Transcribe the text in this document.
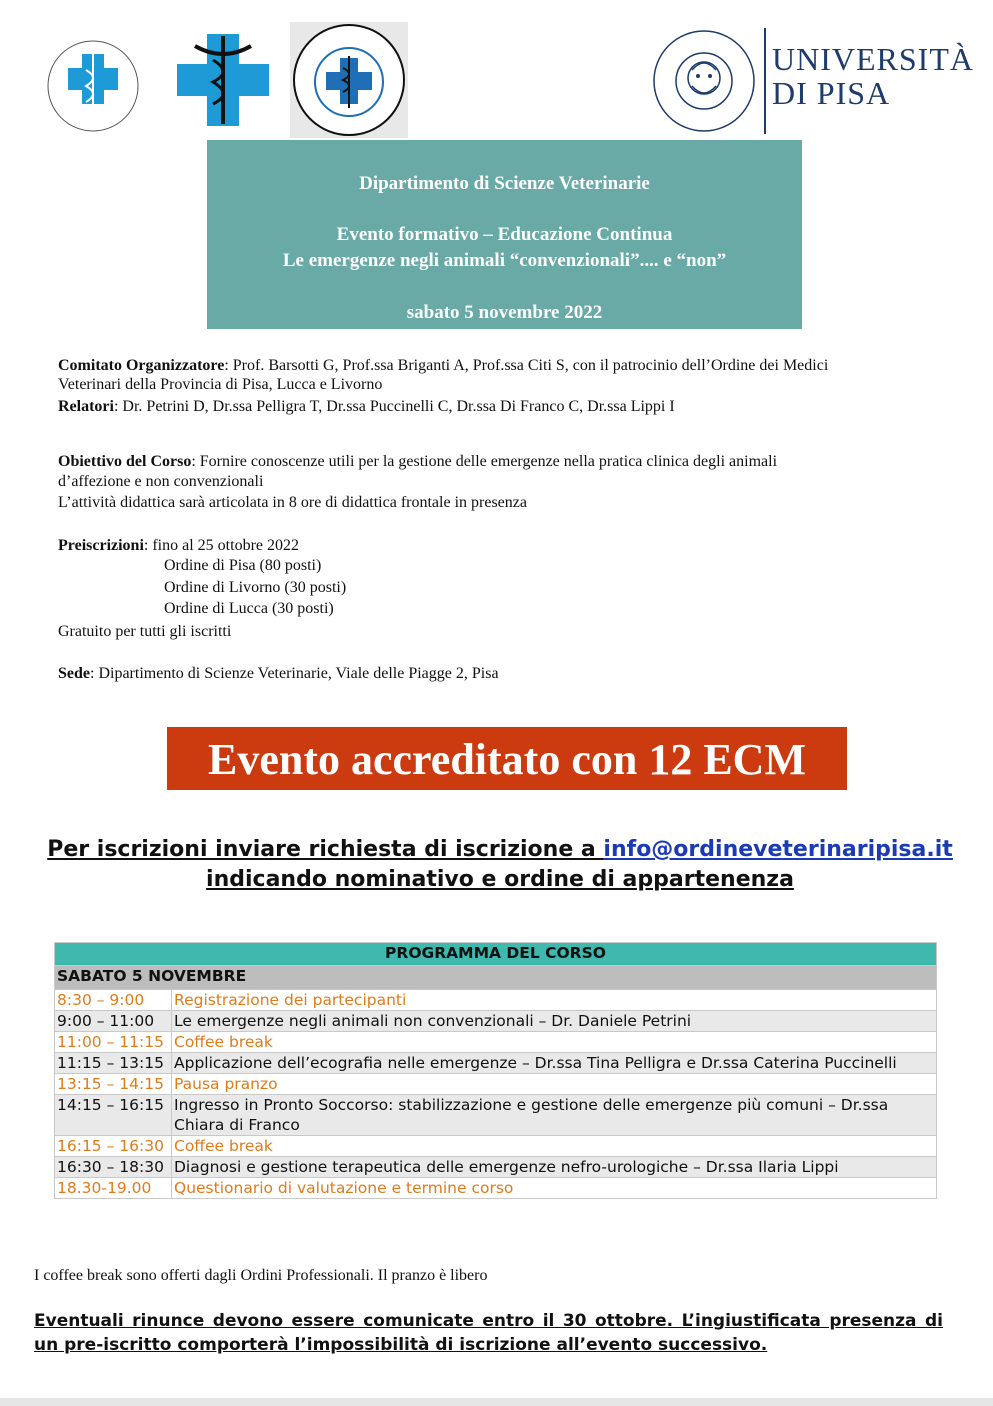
UNIVERSITÀ
DI PISA
Dipartimento di Scienze Veterinarie
Evento formativo – Educazione Continua
Le emergenze negli animali “convenzionali”.... e “non”
sabato 5 novembre 2022
Comitato Organizzatore: Prof. Barsotti G, Prof.ssa Briganti A, Prof.ssa Citi S, con il patrocinio dell’Ordine dei Medici
Veterinari della Provincia di Pisa, Lucca e Livorno
Relatori: Dr. Petrini D, Dr.ssa Pelligra T, Dr.ssa Puccinelli C, Dr.ssa Di Franco C, Dr.ssa Lippi I
Obiettivo del Corso: Fornire conoscenze utili per la gestione delle emergenze nella pratica clinica degli animali
d’affezione e non convenzionali
L’attività didattica sarà articolata in 8 ore di didattica frontale in presenza
Preiscrizioni: fino al 25 ottobre 2022
Ordine di Pisa (80 posti)
Ordine di Livorno (30 posti)
Ordine di Lucca (30 posti)
Gratuito per tutti gli iscritti
Sede: Dipartimento di Scienze Veterinarie, Viale delle Piagge 2, Pisa
Evento accreditato con 12 ECM
Per iscrizioni inviare richiesta di iscrizione a info@ordineveterinaripisa.it
indicando nominativo e ordine di appartenenza
PROGRAMMA DEL CORSO	
SABATO 5 NOVEMBRE	
8:30 – 9:00	Registrazione dei partecipanti
9:00 – 11:00	Le emergenze negli animali non convenzionali – Dr. Daniele Petrini
11:00 – 11:15	Coffee break
11:15 – 13:15	Applicazione dell’ecografia nelle emergenze – Dr.ssa Tina Pelligra e Dr.ssa Caterina Puccinelli
13:15 – 14:15	Pausa pranzo
14:15 – 16:15	Ingresso in Pronto Soccorso: stabilizzazione e gestione delle emergenze più comuni – Dr.ssa Chiara di Franco
16:15 – 16:30	Coffee break
16:30 – 18:30	Diagnosi e gestione terapeutica delle emergenze nefro-urologiche – Dr.ssa Ilaria Lippi
18.30-19.00	Questionario di valutazione e termine corso
I coffee break sono offerti dagli Ordini Professionali. Il pranzo è libero
Eventuali rinunce devono essere comunicate entro il 30 ottobre. L’ingiustificata presenza di un pre-iscritto comporterà l’impossibilità di iscrizione all’evento successivo.
